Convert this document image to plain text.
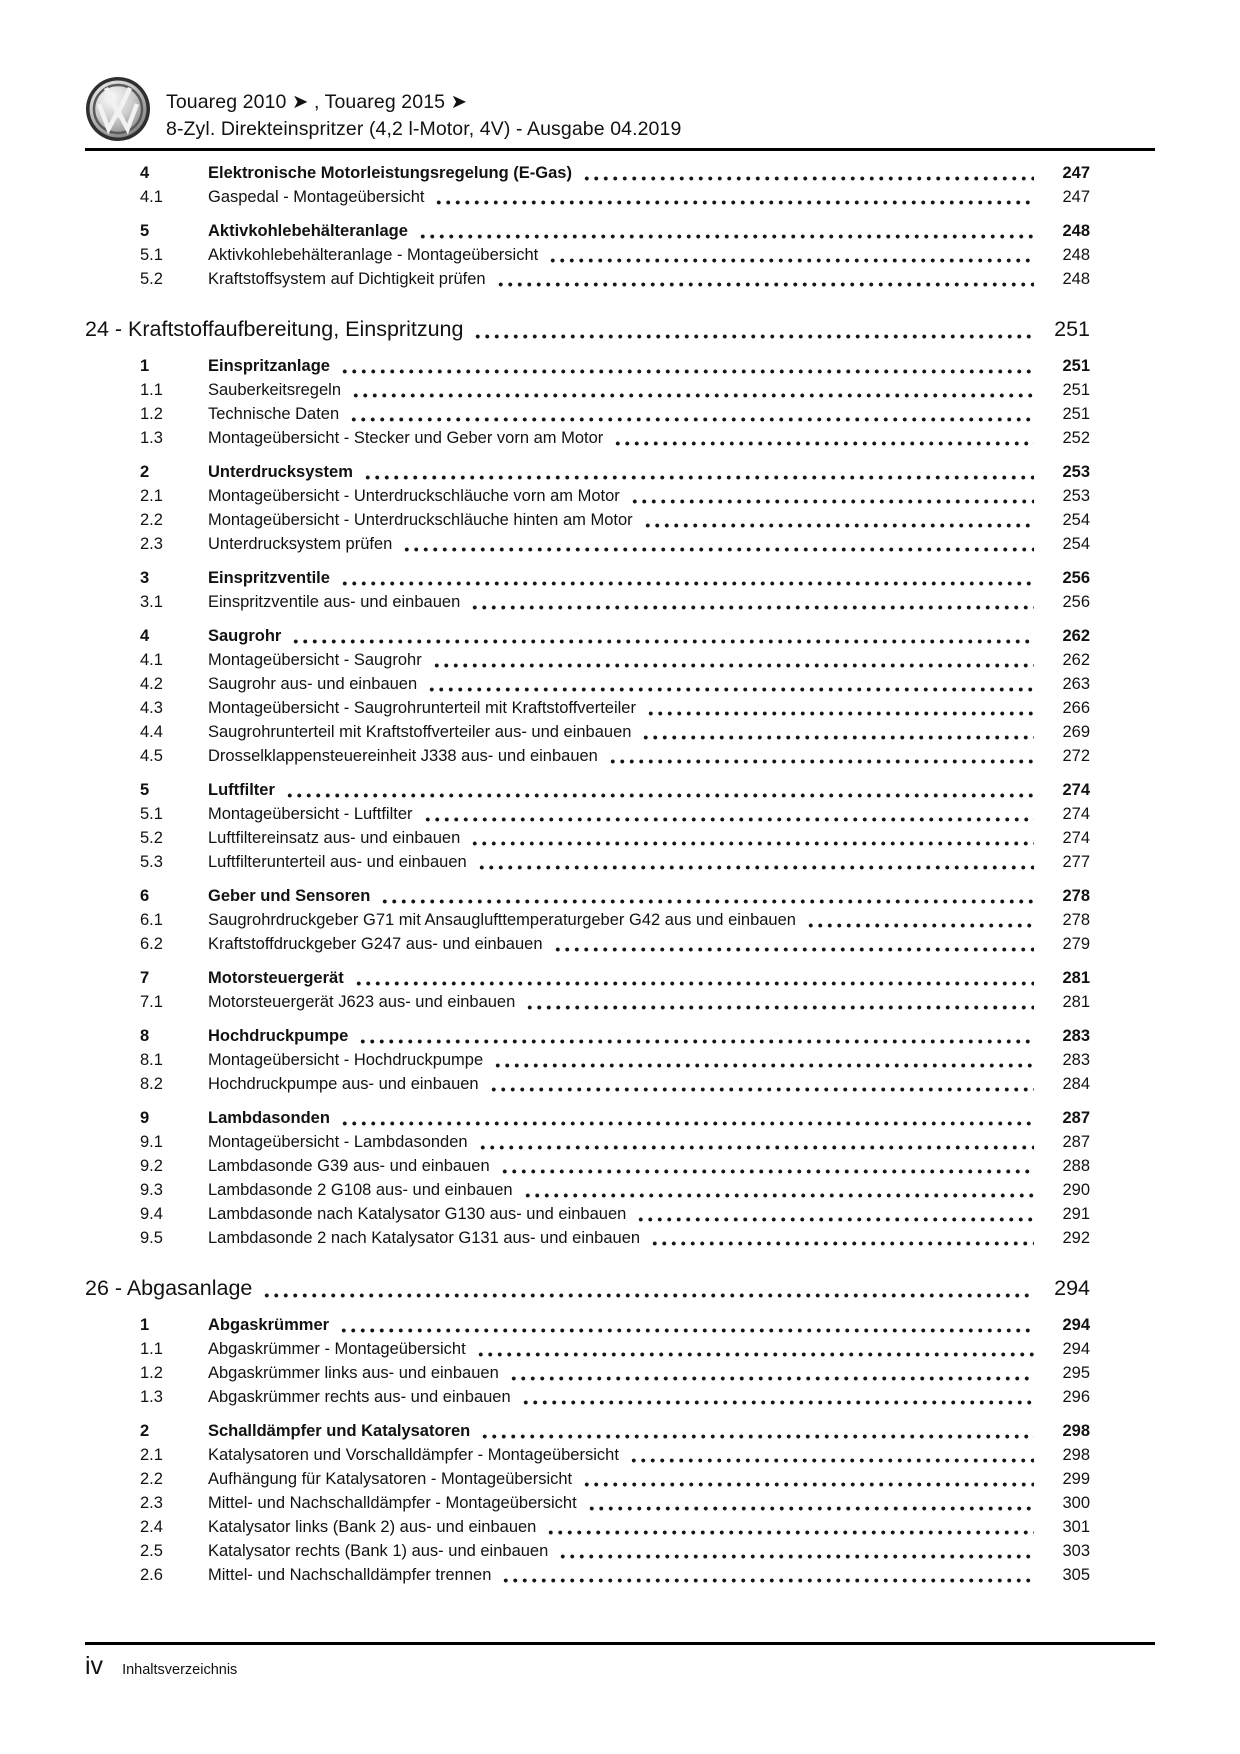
Touareg 2010 ➤ , Touareg 2015 ➤
8-Zyl. Direkteinspritzer (4,2 l-Motor, 4V) - Ausgabe 04.2019
4	Elektronische Motorleistungsregelung (E-Gas)	247
4.1	Gaspedal - Montageübersicht	247
5	Aktivkohlebehälteranlage	248
5.1	Aktivkohlebehälteranlage - Montageübersicht	248
5.2	Kraftstoffsystem auf Dichtigkeit prüfen	248
24 - Kraftstoffaufbereitung, Einspritzung	251
1	Einspritzanlage	251
1.1	Sauberkeitsregeln	251
1.2	Technische Daten	251
1.3	Montageübersicht - Stecker und Geber vorn am Motor	252
2	Unterdrucksystem	253
2.1	Montageübersicht - Unterdruckschläuche vorn am Motor	253
2.2	Montageübersicht - Unterdruckschläuche hinten am Motor	254
2.3	Unterdrucksystem prüfen	254
3	Einspritzventile	256
3.1	Einspritzventile aus- und einbauen	256
4	Saugrohr	262
4.1	Montageübersicht - Saugrohr	262
4.2	Saugrohr aus- und einbauen	263
4.3	Montageübersicht - Saugrohrunterteil mit Kraftstoffverteiler	266
4.4	Saugrohrunterteil mit Kraftstoffverteiler aus- und einbauen	269
4.5	Drosselklappensteuereinheit J338 aus- und einbauen	272
5	Luftfilter	274
5.1	Montageübersicht - Luftfilter	274
5.2	Luftfiltereinsatz aus- und einbauen	274
5.3	Luftfilterunterteil aus- und einbauen	277
6	Geber und Sensoren	278
6.1	Saugrohrdruckgeber G71 mit Ansauglufttemperaturgeber G42 aus und einbauen	278
6.2	Kraftstoffdruckgeber G247 aus- und einbauen	279
7	Motorsteuergerät	281
7.1	Motorsteuergerät J623 aus- und einbauen	281
8	Hochdruckpumpe	283
8.1	Montageübersicht - Hochdruckpumpe	283
8.2	Hochdruckpumpe aus- und einbauen	284
9	Lambdasonden	287
9.1	Montageübersicht - Lambdasonden	287
9.2	Lambdasonde G39 aus- und einbauen	288
9.3	Lambdasonde 2 G108 aus- und einbauen	290
9.4	Lambdasonde nach Katalysator G130 aus- und einbauen	291
9.5	Lambdasonde 2 nach Katalysator G131 aus- und einbauen	292
26 - Abgasanlage	294
1	Abgaskrümmer	294
1.1	Abgaskrümmer - Montageübersicht	294
1.2	Abgaskrümmer links aus- und einbauen	295
1.3	Abgaskrümmer rechts aus- und einbauen	296
2	Schalldämpfer und Katalysatoren	298
2.1	Katalysatoren und Vorschalldämpfer - Montageübersicht	298
2.2	Aufhängung für Katalysatoren - Montageübersicht	299
2.3	Mittel- und Nachschalldämpfer - Montageübersicht	300
2.4	Katalysator links (Bank 2) aus- und einbauen	301
2.5	Katalysator rechts (Bank 1) aus- und einbauen	303
2.6	Mittel- und Nachschalldämpfer trennen	305
iv Inhaltsverzeichnis
